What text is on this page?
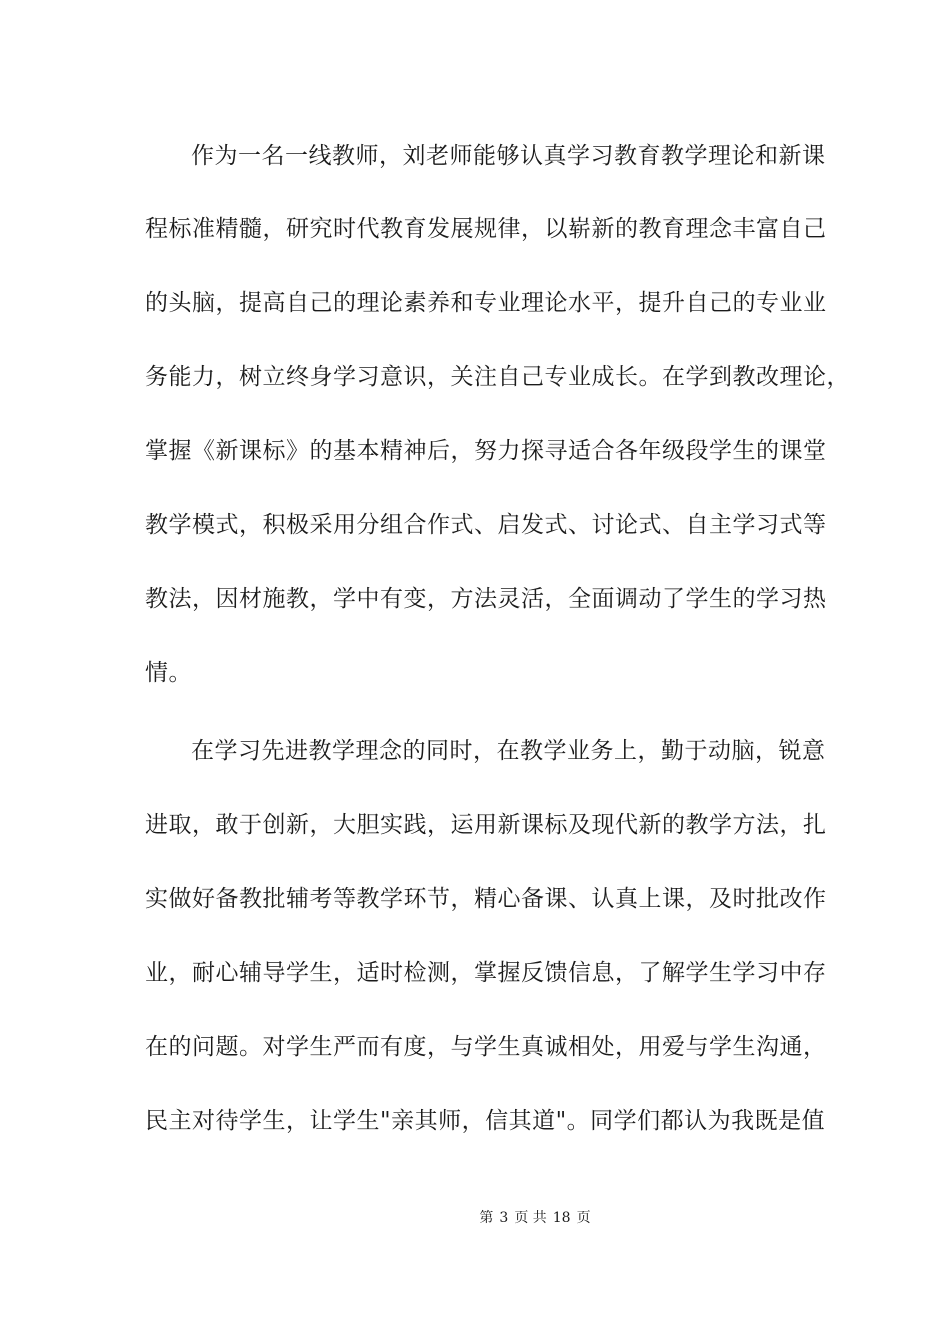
作为一名一线教师，刘老师能够认真学习教育教学理论和新课
程标准精髓，研究时代教育发展规律，以崭新的教育理念丰富自己
的头脑，提高自己的理论素养和专业理论水平，提升自己的专业业
务能力，树立终身学习意识，关注自己专业成长。在学到教改理论，
掌握《新课标》的基本精神后，努力探寻适合各年级段学生的课堂
教学模式，积极采用分组合作式、启发式、讨论式、自主学习式等
教法，因材施教，学中有变，方法灵活，全面调动了学生的学习热
情。
在学习先进教学理念的同时，在教学业务上，勤于动脑，锐意
进取，敢于创新，大胆实践，运用新课标及现代新的教学方法，扎
实做好备教批辅考等教学环节，精心备课、认真上课，及时批改作
业，耐心辅导学生，适时检测，掌握反馈信息，了解学生学习中存
在的问题。对学生严而有度，与学生真诚相处，用爱与学生沟通，
民主对待学生，让学生"亲其师，信其道"。同学们都认为我既是值
第 3 页 共 18 页
